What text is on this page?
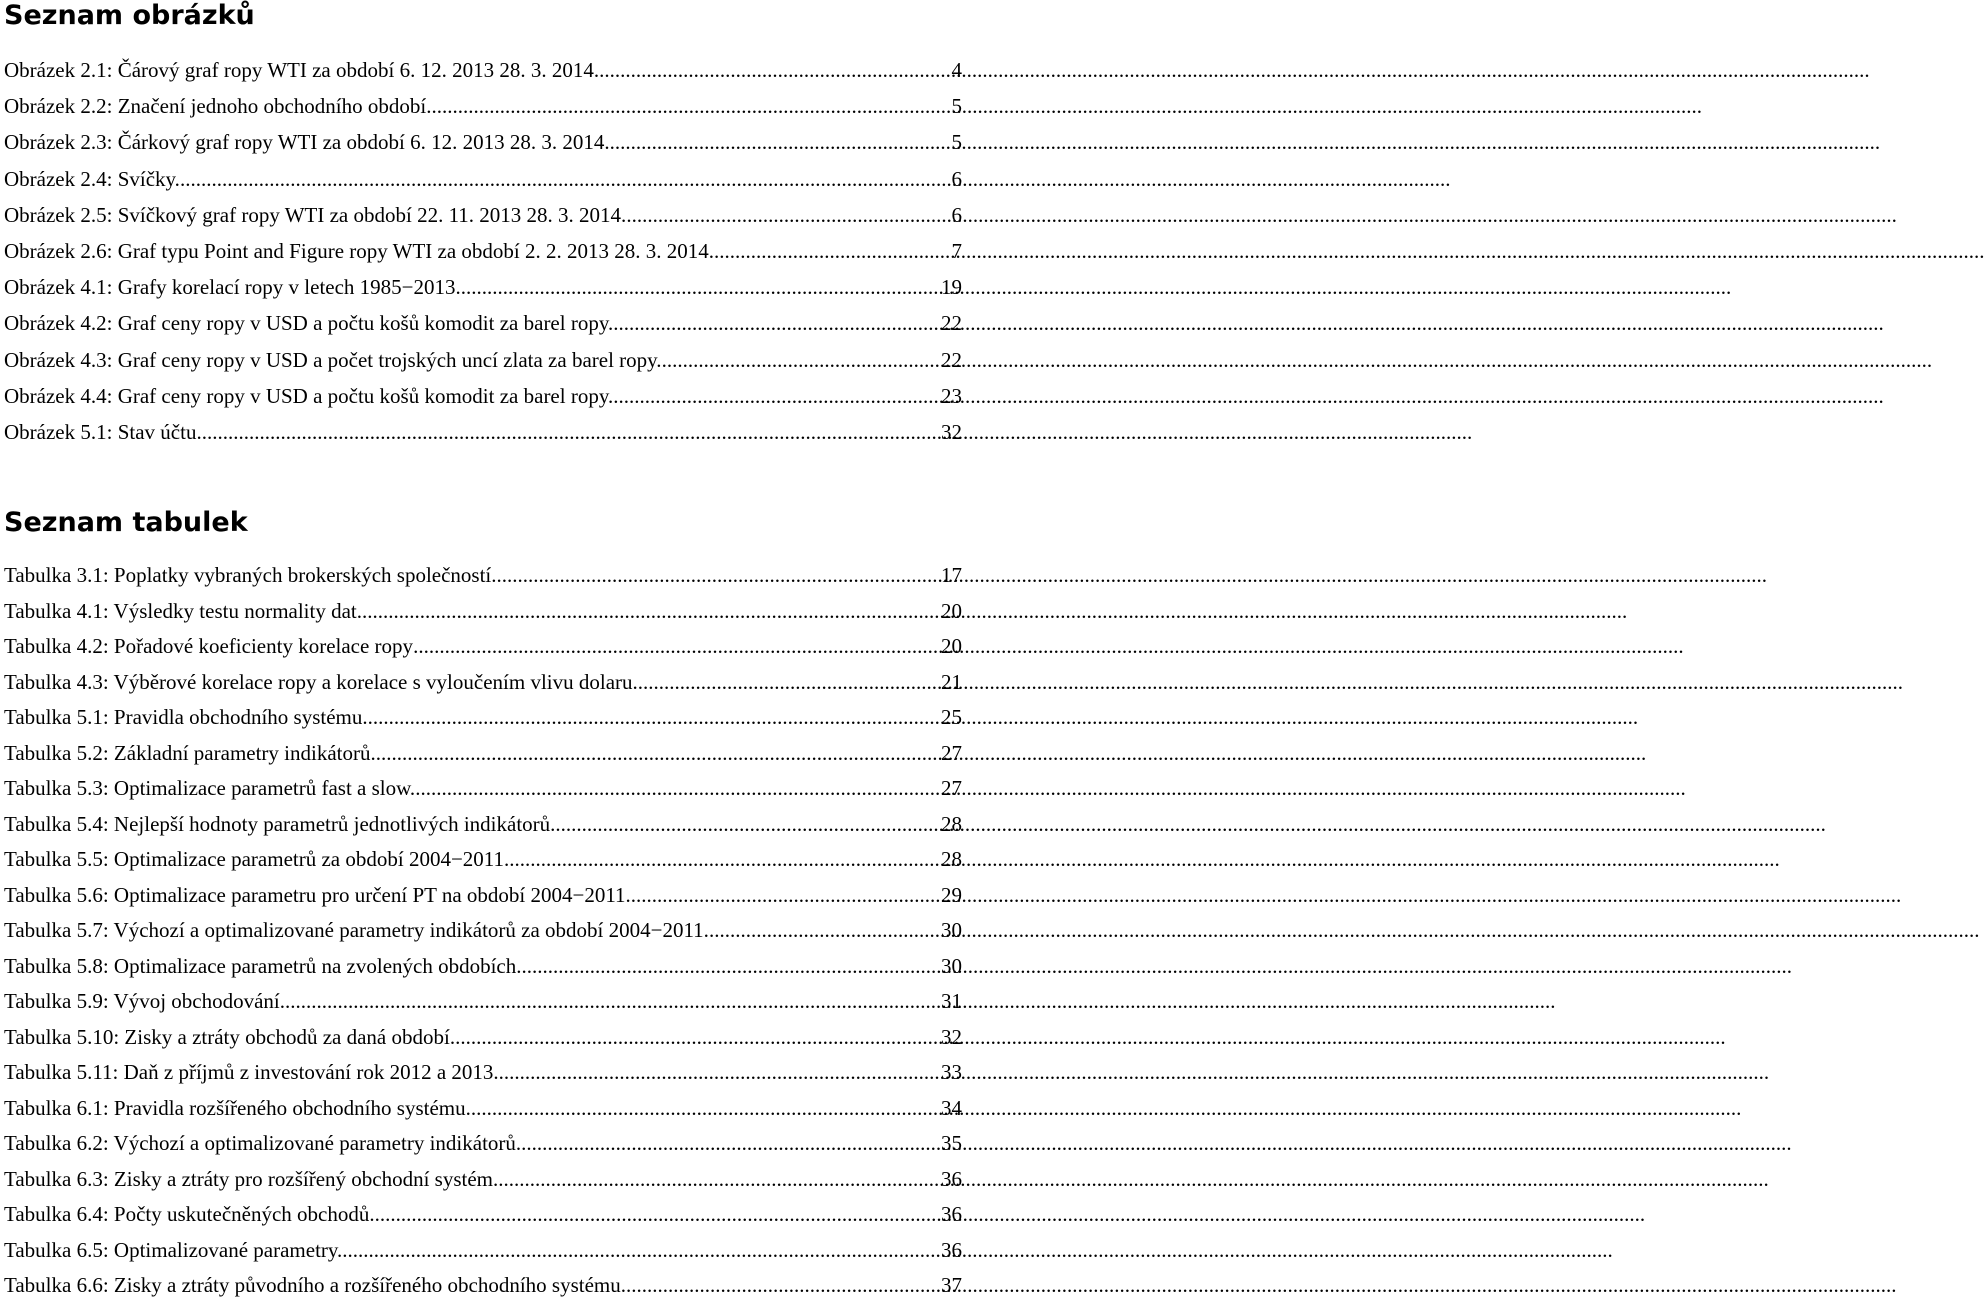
Seznam obrázků
Obrázek 2.1: Čárový graf ropy WTI za období 6. 12. 2013 28. 3. 2014. .....	4
Obrázek 2.2: Značení jednoho obchodního období. .....	5
Obrázek 2.3: Čárkový graf ropy WTI za období 6. 12. 2013 28. 3. 2014. .....	5
Obrázek 2.4: Svíčky. .....	6
Obrázek 2.5: Svíčkový graf ropy WTI za období 22. 11. 2013 28. 3. 2014. .....	6
Obrázek 2.6: Graf typu Point and Figure ropy WTI za období 2. 2. 2013 28. 3. 2014. .....	7
Obrázek 4.1: Grafy korelací ropy v letech 1985−2013. .....	19
Obrázek 4.2: Graf ceny ropy v USD a počtu košů komodit za barel ropy. .....	22
Obrázek 4.3: Graf ceny ropy v USD a počet trojských uncí zlata za barel ropy. .....	22
Obrázek 4.4: Graf ceny ropy v USD a počtu košů komodit za barel ropy. .....	23
Obrázek 5.1: Stav účtu. .....	32
Seznam tabulek
Tabulka 3.1: Poplatky vybraných brokerských společností. .....	17
Tabulka 4.1: Výsledky testu normality dat .....	20
Tabulka 4.2: Pořadové koeficienty korelace ropy .....	20
Tabulka 4.3: Výběrové korelace ropy a korelace s vyloučením vlivu dolaru .....	21
Tabulka 5.1: Pravidla obchodního systému. .....	25
Tabulka 5.2: Základní parametry indikátorů. .....	27
Tabulka 5.3: Optimalizace parametrů fast a slow. .....	27
Tabulka 5.4: Nejlepší hodnoty parametrů jednotlivých indikátorů. .....	28
Tabulka 5.5: Optimalizace parametrů za období 2004−2011. .....	28
Tabulka 5.6: Optimalizace parametru pro určení PT na období 2004−2011. .....	29
Tabulka 5.7: Výchozí a optimalizované parametry indikátorů za období 2004−2011. .....	30
Tabulka 5.8: Optimalizace parametrů na zvolených obdobích. .....	30
Tabulka 5.9: Vývoj obchodování. .....	31
Tabulka 5.10: Zisky a ztráty obchodů za daná období. .....	32
Tabulka 5.11: Daň z příjmů z investování rok 2012 a 2013. .....	33
Tabulka 6.1: Pravidla rozšířeného obchodního systému. .....	34
Tabulka 6.2: Výchozí a optimalizované parametry indikátorů. .....	35
Tabulka 6.3: Zisky a ztráty pro rozšířený obchodní systém. .....	36
Tabulka 6.4: Počty uskutečněných obchodů. .....	36
Tabulka 6.5: Optimalizované parametry. .....	36
Tabulka 6.6: Zisky a ztráty původního a rozšířeného obchodního systému. .....	37
